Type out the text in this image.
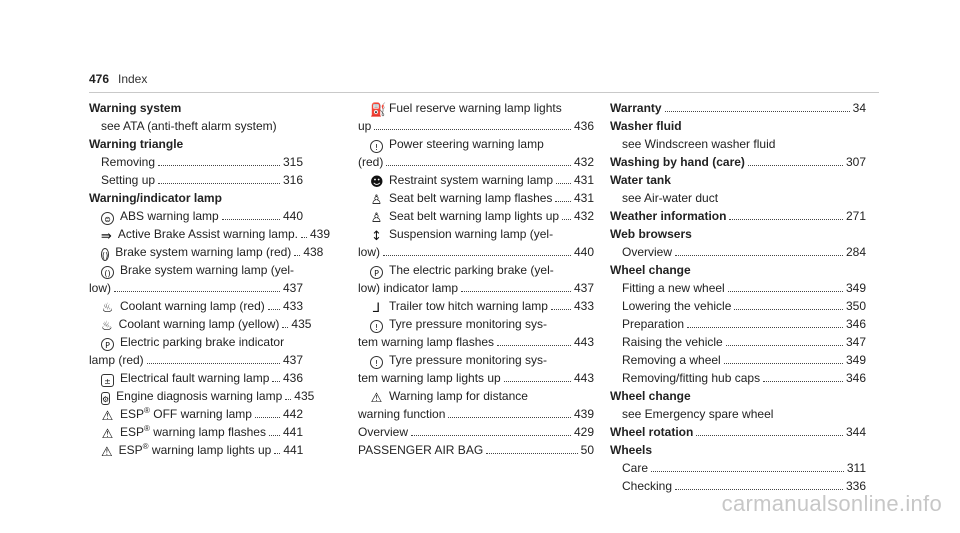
476 Index
Warning system
see ATA (anti-theft alarm system)
Warning triangle
Removing	315
Setting up	316
Warning/indicator lamp
⊜ ABS warning lamp	440
⇛ Active Brake Assist warning lamp. 439
() Brake system warning lamp (red) 438
() Brake system warning lamp (yel-
low)	437
♨ Coolant warning lamp (red) 433
♨ Coolant warning lamp (yellow) 435
P Electric parking brake indicator
lamp (red)	437
± Electrical fault warning lamp 436
⚙ Engine diagnosis warning lamp 435
⚠ ESP® OFF warning lamp	442
⚠ ESP® warning lamp flashes 441
⚠ ESP® warning lamp lights up 441
⛽ Fuel reserve warning lamp lights
up	436
! Power steering warning lamp
(red)	432
☻ Restraint system warning lamp 431
♙ Seat belt warning lamp flashes 431
♙ Seat belt warning lamp lights up 432
↕ Suspension warning lamp (yel-
low)	440
P The electric parking brake (yel-
low) indicator lamp	437
⅃ Trailer tow hitch warning lamp 433
! Tyre pressure monitoring sys-
tem warning lamp flashes	443
! Tyre pressure monitoring sys-
tem warning lamp lights up	443
⚠ Warning lamp for distance
warning function	439
Overview	429
PASSENGER AIR BAG	50
Warranty	34
Washer fluid
see Windscreen washer fluid
Washing by hand (care)	307
Water tank
see Air-water duct
Weather information	271
Web browsers
Overview	284
Wheel change
Fitting a new wheel	349
Lowering the vehicle	350
Preparation	346
Raising the vehicle	347
Removing a wheel	349
Removing/fitting hub caps	346
Wheel change
see Emergency spare wheel
Wheel rotation	344
Wheels
Care	311
Checking	336
carmanualsonline.info
